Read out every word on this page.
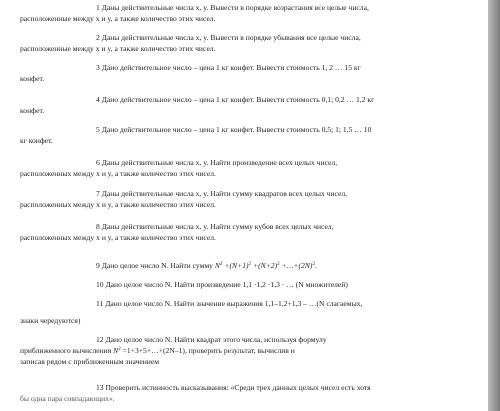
1 Даны действительные числа x, y. Вывести в порядке возрастания все целые числа,
расположенные между x и y, а также количество этих чисел.

2 Даны действительные числа x, y. Вывести в порядке убывания все целые числа,
расположенные между x и y, а также количество этих чисел.

3 Дано действительное число – цена 1 кг конфет. Вывести стоимость 1, 2 … 15 кг
конфет.

4 Дано действительное число – цена 1 кг конфет. Вывести стоимость 0,1; 0,2 … 1,2 кг
конфет.

5 Дано действительное число – цена 1 кг конфет. Вывести стоимость 0,5; 1; 1,5 … 10
кг конфет.

6 Даны действительные числа x, y. Найти произведение всех целых чисел,
расположенных между x и y, а также количество этих чисел.

7 Даны действительные числа x, y. Найти сумму квадратов всех целых чисел,
расположенных между x и y, а также количество этих чисел.

8 Даны действительные числа x, y. Найти сумму кубов всех целых чисел,
расположенных между x и y, а также количество этих чисел.

9 Дано целое число N. Найти сумму $N^2 +(N+1)^2 +(N+2)^2$ $+\dots+(2N)^2$.

10 Дано целое число N. Найти произведение 1,1 ·1,2 ·1,3 · … (N множителей)

11 Дано целое число N. Найти значение выражения 1,1–1,2+1,3 – …(N слагаемых,
знаки чередуются)

12 Дано целое число N. Найти квадрат этого числа, используя формулу
приближенного вычисления $N^2$ =1+3+5+…+(2N–1), проверить результат, вычислив и
записав рядом с приближенным значением

13 Проверить истинность высказывания: «Среди трех данных целых чисел есть хотя
бы одна пара совпадающих».
